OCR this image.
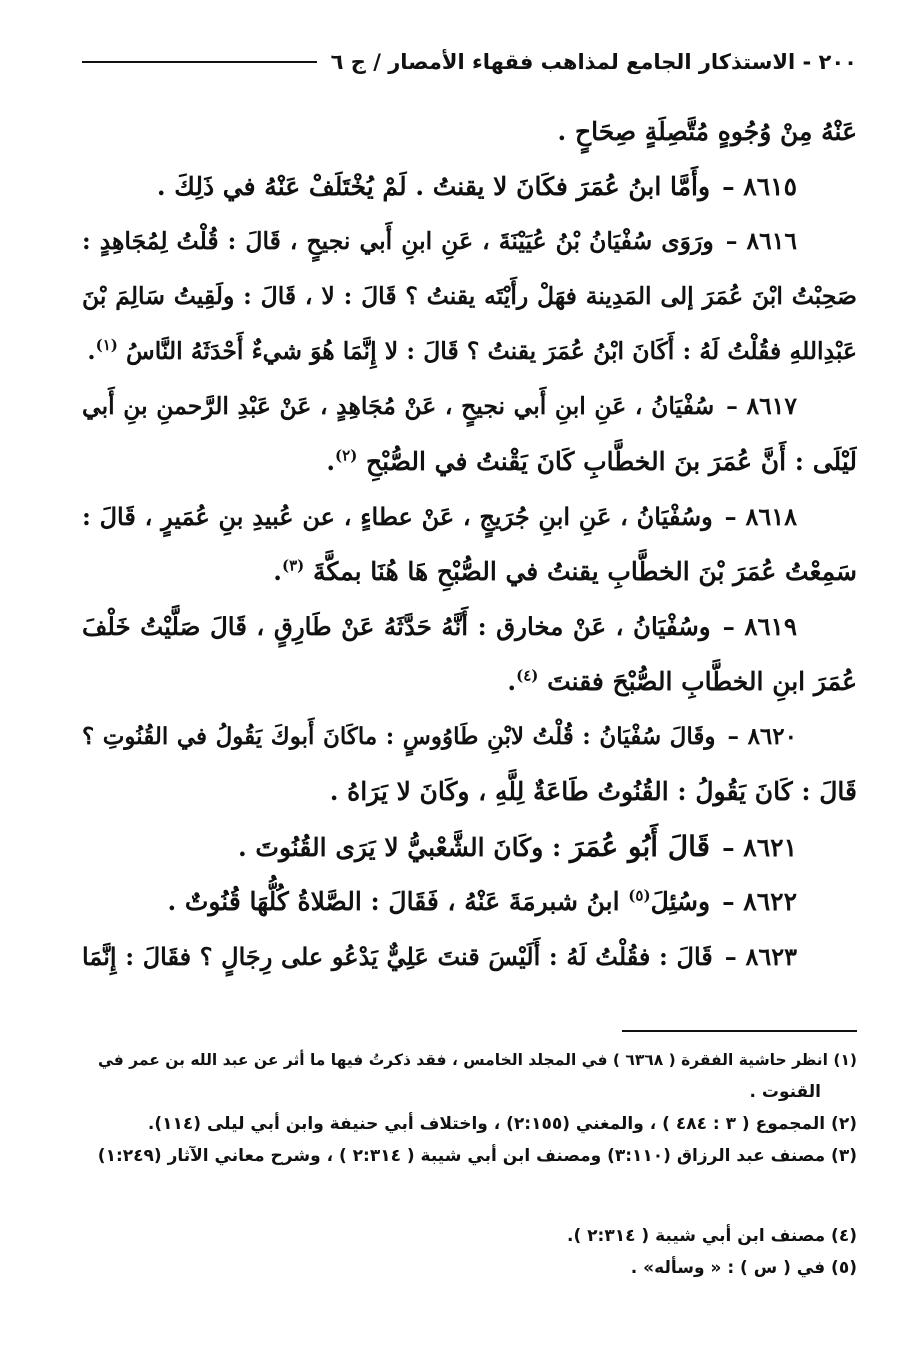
٢٠٠ - الاستذكار الجامع لمذاهب فقهاء الأمصار / ج ٦
عَنْهُ مِنْ وُجُوهٍ مُتَّصِلَةٍ صِحَاحٍ .
٨٦١٥ –وأَمَّا ابنُ عُمَرَ فكَانَ لا يقنتُ . لَمْ يُخْتَلَفْ عَنْهُ في ذَلِكَ .
٨٦١٦ –ورَوَى سُفْيَانُ بْنُ عُيَيْنَةَ ، عَنِ ابنِ أَبي نجيحٍ ، قَالَ : قُلْتُ لِمُجَاهِدٍ :
صَحِبْتُ ابْنَ عُمَرَ إلى المَدِينة فهَلْ رأَيْتَه يقنتُ ؟ قَالَ : لا ، قَالَ : ولَقِيتُ سَالِمَ بْنَ
عَبْدِاللهِ فقُلْتُ لَهُ : أَكَانَ ابْنُ عُمَرَ يقنتُ ؟ قَالَ : لا إِنَّمَا هُوَ شيءٌ أَحْدَثَهُ النَّاسُ $^{(١)}$.
٨٦١٧ –سُفْيَانُ ، عَنِ ابنِ أَبي نجيحٍ ، عَنْ مُجَاهِدٍ ، عَنْ عَبْدِ الرَّحمنِ بنِ أَبي
لَيْلَى : أَنَّ عُمَرَ بنَ الخطَّابِ كَانَ يَقْنتُ في الصُّبْحِ $^{(٢)}$.
٨٦١٨ –وسُفْيَانُ ، عَنِ ابنِ جُرَيجٍ ، عَنْ عطاءٍ ، عن عُبيدِ بنِ عُمَيرٍ ، قَالَ :
سَمِعْتُ عُمَرَ بْنَ الخطَّابِ يقنتُ في الصُّبْحِ هَا هُنَا بمكَّةَ $^{(٣)}$.
٨٦١٩ –وسُفْيَانُ ، عَنْ مخارق : أَنَّهُ حَدَّثَهُ عَنْ طَارِقٍ ، قَالَ صَلَّيْتُ خَلْفَ
عُمَرَ ابنِ الخطَّابِ الصُّبْحَ فقنتَ $^{(٤)}$.
٨٦٢٠ –وقَالَ سُفْيَانُ : قُلْتُ لابْنِ طَاوُوسٍ : ماكَانَ أَبوكَ يَقُولُ في القُنُوتِ ؟
قَالَ : كَانَ يَقُولُ : القُنُوتُ طَاعَةٌ لِلَّهِ ، وكَانَ لا يَرَاهُ .
٨٦٢١ –قَالَ أَبُو عُمَرَ : وكَانَ الشَّعْبيُّ لا يَرَى القُنُوتَ .
٨٦٢٢ –وسُئِلَ$^{(٥)}$ ابنُ شبرمَةَ عَنْهُ ، فَقَالَ : الصَّلاةُ كُلُّهَا قُنُوتٌ .
٨٦٢٣ –قَالَ : فقُلْتُ لَهُ : أَلَيْسَ قنتَ عَلِيٌّ يَدْعُو على رِجَالٍ ؟ فقَالَ : إِنَّمَا
(١) انظر حاشية الفقرة ( ٦٣٦٨ ) في المجلد الخامس ، فقد ذكرتُ فيها ما أثر عن عبد الله بن عمر في
القنوت .
(٢) المجموع ( ٣ : ٤٨٤ ) ، والمغني (٢:١٥٥) ، واختلاف أبي حنيفة وابن أبي ليلى (١١٤).
(٣) مصنف عبد الرزاق (٣:١١٠) ومصنف ابن أبي شيبة ( ٢:٣١٤ ) ، وشرح معاني الآثار (١:٢٤٩)
(٤) مصنف ابن أبي شيبة ( ٢:٣١٤ ).
(٥) في ( س ) : « وسأله» .
